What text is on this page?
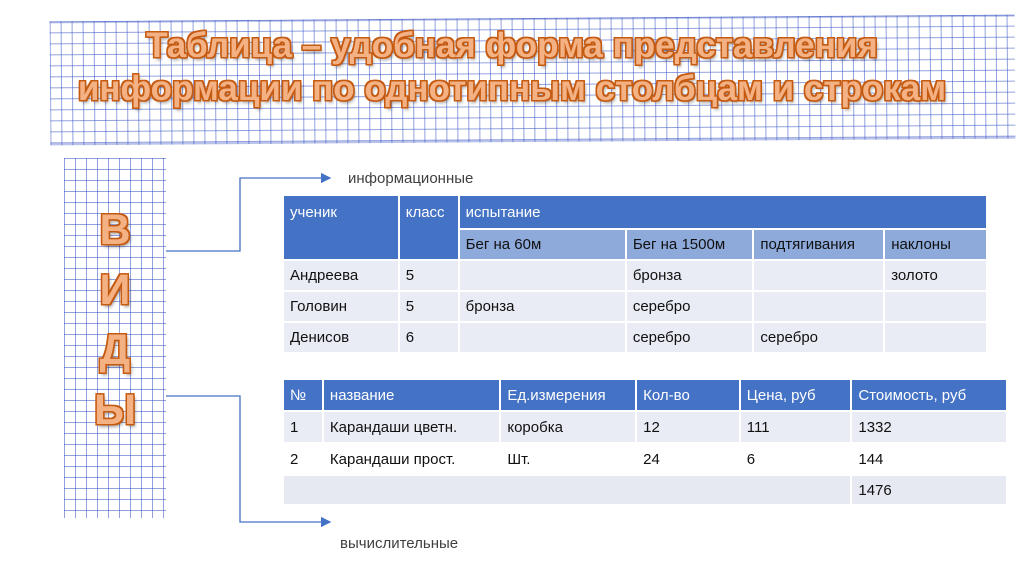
Таблица – удобная форма представления
информации по однотипным столбцам и строкам
В
И
Д
Ы
информационные
вычислительные
ученик	класс	испытание			
		Бег на 60м	Бег на 1500м	подтягивания	наклоны
Андреева	5		бронза		золото
Головин	5	бронза	серебро		
Денисов	6		серебро	серебро	
№	название	Ед.измерения	Кол-во	Цена, руб	Стоимость, руб
1	Карандаши цветн.	коробка	12	111	1332
2	Карандаши прост.	Шт.	24	6	144
					1476
